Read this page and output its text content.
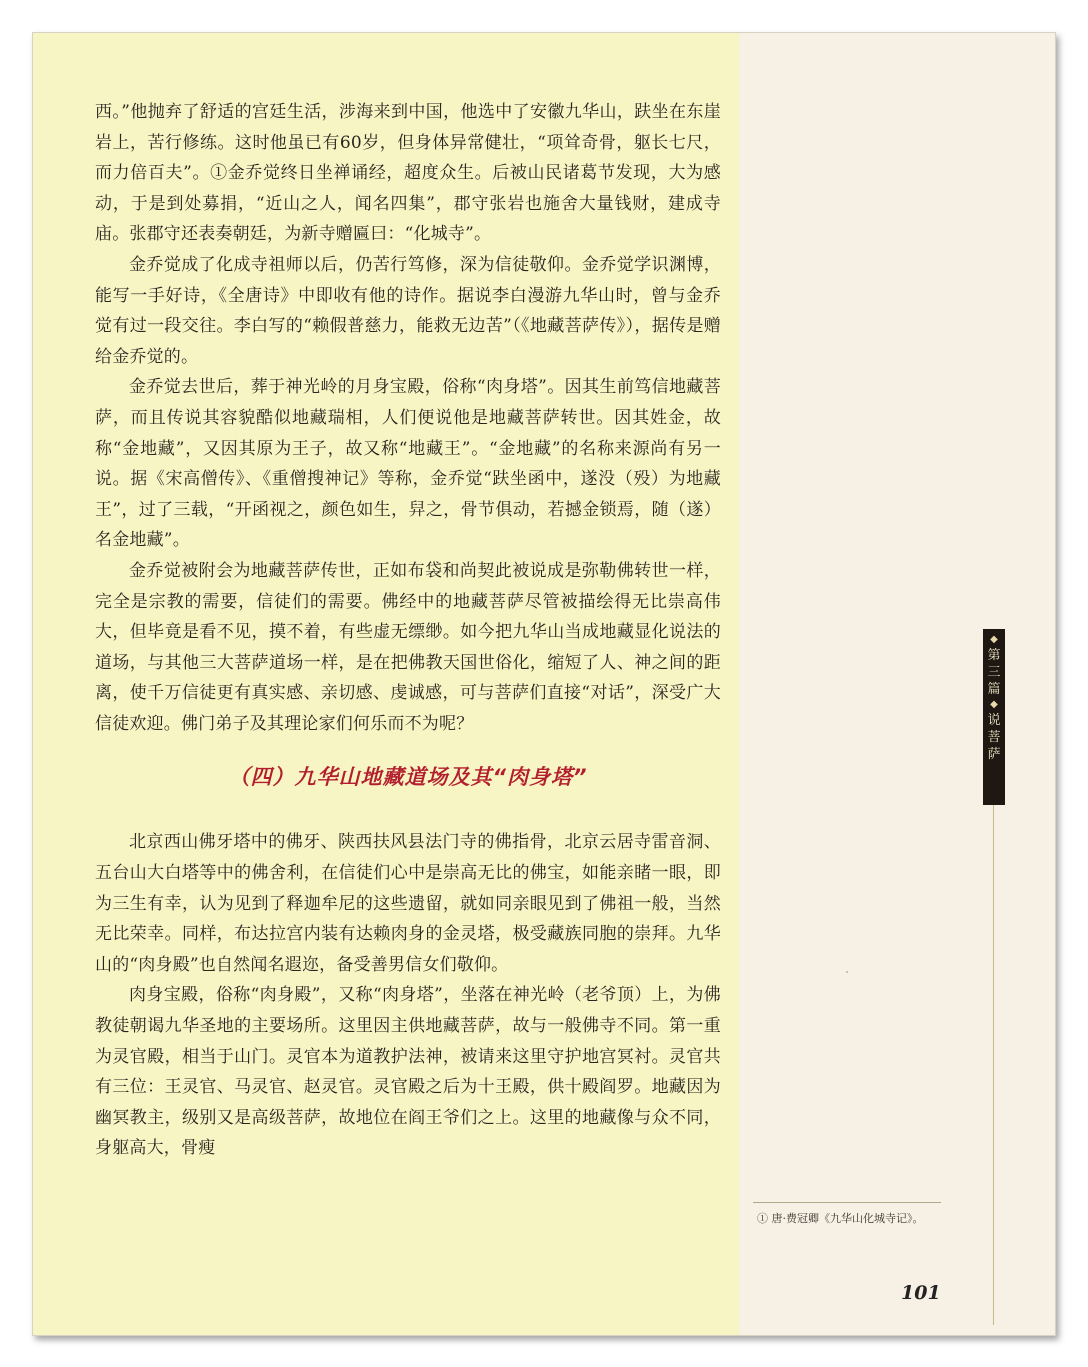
西。”他抛弃了舒适的宫廷生活，涉海来到中国，他选中了安徽九华山，趺坐在东崖岩上，苦行修练。这时他虽已有60岁，但身体异常健壮，“项耸奇骨，躯长七尺，而力倍百夫”。①金乔觉终日坐禅诵经，超度众生。后被山民诸葛节发现，大为感动，于是到处募捐，“近山之人，闻名四集”，郡守张岩也施舍大量钱财，建成寺庙。张郡守还表奏朝廷，为新寺赠匾曰：“化城寺”。

金乔觉成了化成寺祖师以后，仍苦行笃修，深为信徒敬仰。金乔觉学识渊博，能写一手好诗，《全唐诗》中即收有他的诗作。据说李白漫游九华山时，曾与金乔觉有过一段交往。李白写的“赖假普慈力，能救无边苦”（《地藏菩萨传》），据传是赠给金乔觉的。

金乔觉去世后，葬于神光岭的月身宝殿，俗称“肉身塔”。因其生前笃信地藏菩萨，而且传说其容貌酷似地藏瑞相，人们便说他是地藏菩萨转世。因其姓金，故称“金地藏”，又因其原为王子，故又称“地藏王”。“金地藏”的名称来源尚有另一说。据《宋高僧传》、《重僧搜神记》等称，金乔觉“趺坐函中，遂没（殁）为地藏王”，过了三载，“开函视之，颜色如生，舁之，骨节俱动，若撼金锁焉，随（遂）名金地藏”。

金乔觉被附会为地藏菩萨传世，正如布袋和尚契此被说成是弥勒佛转世一样，完全是宗教的需要，信徒们的需要。佛经中的地藏菩萨尽管被描绘得无比崇高伟大，但毕竟是看不见，摸不着，有些虚无缥缈。如今把九华山当成地藏显化说法的道场，与其他三大菩萨道场一样，是在把佛教天国世俗化，缩短了人、神之间的距离，使千万信徒更有真实感、亲切感、虔诚感，可与菩萨们直接“对话”，深受广大信徒欢迎。佛门弟子及其理论家们何乐而不为呢？

（四）九华山地藏道场及其“肉身塔”

北京西山佛牙塔中的佛牙、陕西扶风县法门寺的佛指骨，北京云居寺雷音洞、五台山大白塔等中的佛舍利，在信徒们心中是崇高无比的佛宝，如能亲睹一眼，即为三生有幸，认为见到了释迦牟尼的这些遗留，就如同亲眼见到了佛祖一般，当然无比荣幸。同样，布达拉宫内装有达赖肉身的金灵塔，极受藏族同胞的崇拜。九华山的“肉身殿”也自然闻名遐迩，备受善男信女们敬仰。

肉身宝殿，俗称“肉身殿”，又称“肉身塔”，坐落在神光岭（老爷顶）上，为佛教徒朝谒九华圣地的主要场所。这里因主供地藏菩萨，故与一般佛寺不同。第一重为灵官殿，相当于山门。灵官本为道教护法神，被请来这里守护地宫冥衬。灵官共有三位：王灵官、马灵官、赵灵官。灵官殿之后为十王殿，供十殿阎罗。地藏因为幽冥教主，级别又是高级菩萨，故地位在阎王爷们之上。这里的地藏像与众不同，身躯高大，骨瘦

◆
第
三
篇
◆
说
菩
萨
① 唐·费冠卿《九华山化城寺记》。
101
